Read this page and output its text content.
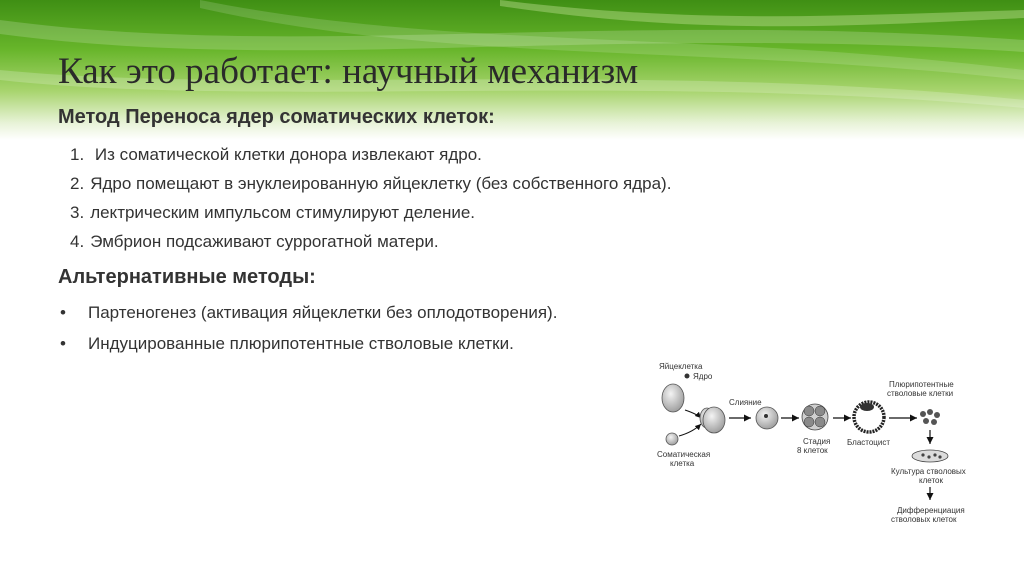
Как это работает: научный механизм
Метод Переноса ядер соматических клеток:
1. Из соматической клетки донора извлекают ядро.
2. Ядро помещают в энуклеированную яйцеклетку (без собственного ядра).
3. лектрическим импульсом стимулируют деление.
4. Эмбрион подсаживают суррогатной матери.
Альтернативные методы:
• Партеногенез (активация яйцеклетки без оплодотворения).
• Индуцированные плюрипотентные стволовые клетки.
Яйцеклетка
Ядро
Соматическая
клетка
Слияние
Стадия
8 клеток
Бластоцист
Плюрипотентные
стволовые клетки
Культура стволовых
клеток
Дифференциация
стволовых клеток
